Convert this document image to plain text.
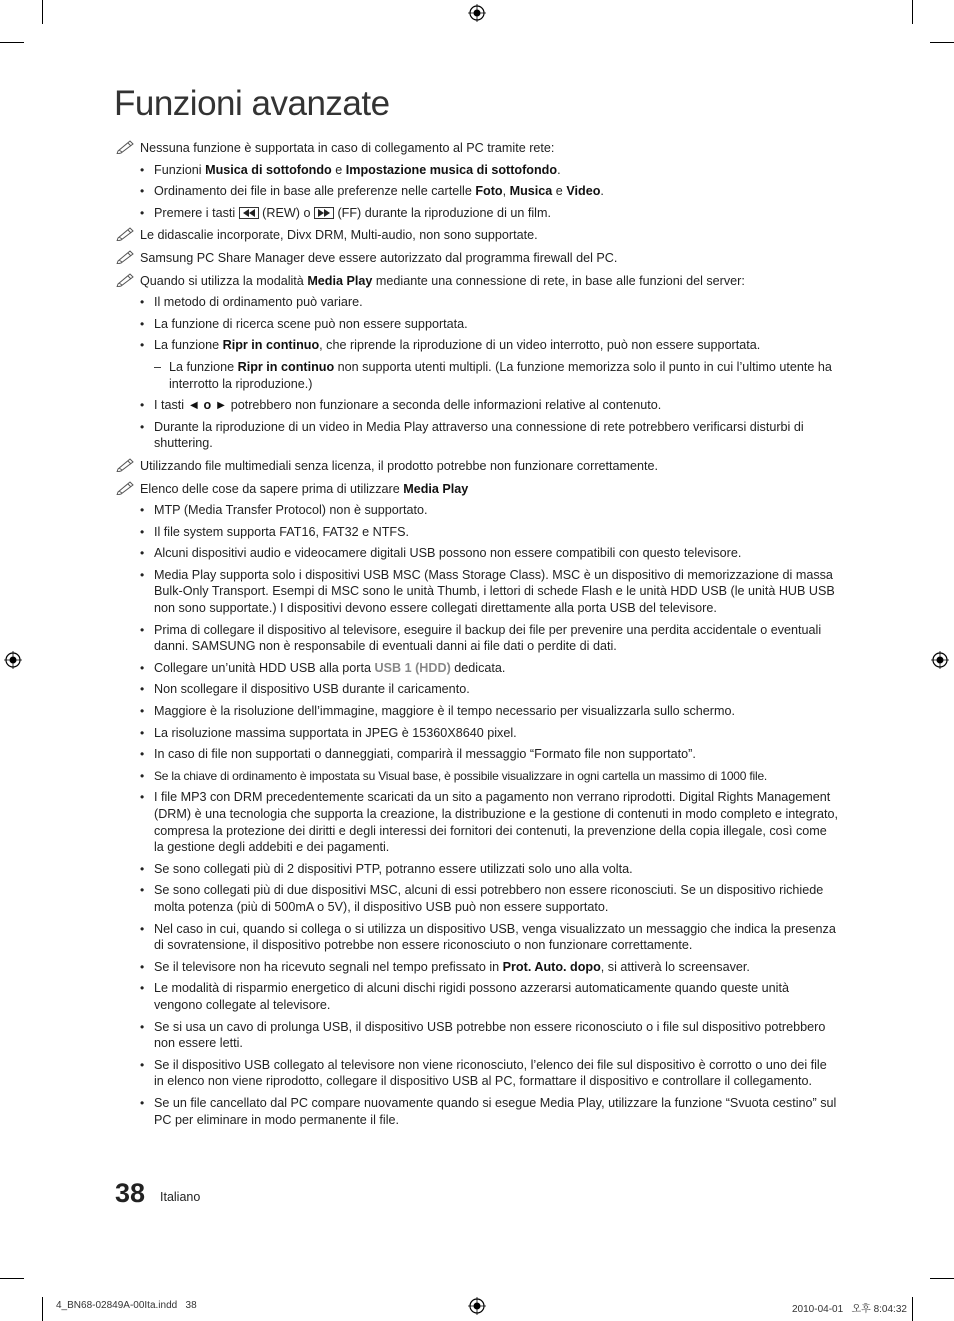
Funzioni avanzate
Nessuna funzione è supportata in caso di collegamento al PC tramite rete:
• Funzioni Musica di sottofondo e Impostazione musica di sottofondo.
• Ordinamento dei file in base alle preferenze nelle cartelle Foto, Musica e Video.
• Premere i tasti
(REW) o
(FF) durante la riproduzione di un film.
Le didascalie incorporate, Divx DRM, Multi-audio, non sono supportate.
Samsung PC Share Manager deve essere autorizzato dal programma firewall del PC.
Quando si utilizza la modalità Media Play mediante una connessione di rete, in base alle funzioni del server:
• Il metodo di ordinamento può variare.
• La funzione di ricerca scene può non essere supportata.
• La funzione Ripr in continuo, che riprende la riproduzione di un video interrotto, può non essere supportata.
– La funzione Ripr in continuo non supporta utenti multipli. (La funzione memorizza solo il punto in cui l’ultimo utente ha interrotto la riproduzione.)
• I tasti ◄ o ► potrebbero non funzionare a seconda delle informazioni relative al contenuto.
• Durante la riproduzione di un video in Media Play attraverso una connessione di rete potrebbero verificarsi disturbi di shuttering.
Utilizzando file multimediali senza licenza, il prodotto potrebbe non funzionare correttamente.
Elenco delle cose da sapere prima di utilizzare Media Play
• MTP (Media Transfer Protocol) non è supportato.
• Il file system supporta FAT16, FAT32 e NTFS.
• Alcuni dispositivi audio e videocamere digitali USB possono non essere compatibili con questo televisore.
• Media Play supporta solo i dispositivi USB MSC (Mass Storage Class). MSC è un dispositivo di memorizzazione di massa Bulk-Only Transport. Esempi di MSC sono le unità Thumb, i lettori di schede Flash e le unità HDD USB (le unità HUB USB non sono supportate.) I dispositivi devono essere collegati direttamente alla porta USB del televisore.
• Prima di collegare il dispositivo al televisore, eseguire il backup dei file per prevenire una perdita accidentale o eventuali danni. SAMSUNG non è responsabile di eventuali danni ai file dati o perdite di dati.
• Collegare un’unità HDD USB alla porta USB 1 (HDD) dedicata.
• Non scollegare il dispositivo USB durante il caricamento.
• Maggiore è la risoluzione dell’immagine, maggiore è il tempo necessario per visualizzarla sullo schermo.
• La risoluzione massima supportata in JPEG è 15360X8640 pixel.
• In caso di file non supportati o danneggiati, comparirà il messaggio “Formato file non supportato”.
• Se la chiave di ordinamento è impostata su Visual base, è possibile visualizzare in ogni cartella un massimo di 1000 file.
• I file MP3 con DRM precedentemente scaricati da un sito a pagamento non verrano riprodotti. Digital Rights Management (DRM) è una tecnologia che supporta la creazione, la distribuzione e la gestione di contenuti in modo completo e integrato, compresa la protezione dei diritti e degli interessi dei fornitori dei contenuti, la prevenzione della copia illegale, così come la gestione degli addebiti e dei pagamenti.
• Se sono collegati più di 2 dispositivi PTP, potranno essere utilizzati solo uno alla volta.
• Se sono collegati più di due dispositivi MSC, alcuni di essi potrebbero non essere riconosciuti. Se un dispositivo richiede molta potenza (più di 500mA o 5V), il dispositivo USB può non essere supportato.
• Nel caso in cui, quando si collega o si utilizza un dispositivo USB, venga visualizzato un messaggio che indica la presenza di sovratensione, il dispositivo potrebbe non essere riconosciuto o non funzionare correttamente.
• Se il televisore non ha ricevuto segnali nel tempo prefissato in Prot. Auto. dopo, si attiverà lo screensaver.
• Le modalità di risparmio energetico di alcuni dischi rigidi possono azzerarsi automaticamente quando queste unità vengono collegate al televisore.
• Se si usa un cavo di prolunga USB, il dispositivo USB potrebbe non essere riconosciuto o i file sul dispositivo potrebbero non essere letti.
• Se il dispositivo USB collegato al televisore non viene riconosciuto, l’elenco dei file sul dispositivo è corrotto o uno dei file in elenco non viene riprodotto, collegare il dispositivo USB al PC, formattare il dispositivo e controllare il collegamento.
• Se un file cancellato dal PC compare nuovamente quando si esegue Media Play, utilizzare la funzione “Svuota cestino” sul PC per eliminare in modo permanente il file.
38 Italiano
4_BN68-02849A-00Ita.indd   38	2010-04-01   오후 8:04:32
